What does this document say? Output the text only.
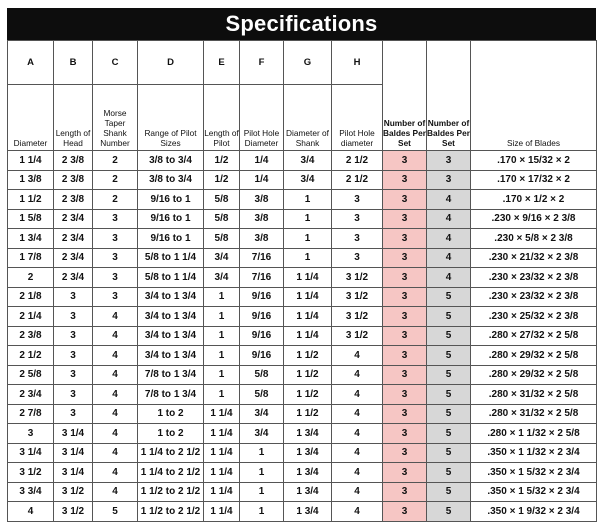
Specifications
A	B	C	D	E	F	G	H	Number of Baldes Per Set	Number of Baldes Per Set	Size of Blades
Diameter	Length of Head	Morse Taper Shank Number	Range of Pilot Sizes	Length of Pilot	Pilot Hole Diameter	Diameter of Shank	Pilot Hole diameter			
1 1/4	2 3/8	2	3/8 to 3/4	1/2	1/4	3/4	2 1/2	3	3	.170 × 15/32 × 2
1 3/8	2 3/8	2	3/8 to 3/4	1/2	1/4	3/4	2 1/2	3	3	.170 × 17/32 × 2
1 1/2	2 3/8	2	9/16 to 1	5/8	3/8	1	3	3	4	.170 × 1/2 × 2
1 5/8	2 3/4	3	9/16 to 1	5/8	3/8	1	3	3	4	.230 × 9/16 × 2 3/8
1 3/4	2 3/4	3	9/16 to 1	5/8	3/8	1	3	3	4	.230 × 5/8 × 2 3/8
1 7/8	2 3/4	3	5/8 to 1 1/4	3/4	7/16	1	3	3	4	.230 × 21/32 × 2 3/8
2	2 3/4	3	5/8 to 1 1/4	3/4	7/16	1 1/4	3 1/2	3	4	.230 × 23/32 × 2 3/8
2 1/8	3	3	3/4 to 1 3/4	1	9/16	1 1/4	3 1/2	3	5	.230 × 23/32 × 2 3/8
2 1/4	3	4	3/4 to 1 3/4	1	9/16	1 1/4	3 1/2	3	5	.230 × 25/32 × 2 3/8
2 3/8	3	4	3/4 to 1 3/4	1	9/16	1 1/4	3 1/2	3	5	.280 × 27/32 × 2 5/8
2 1/2	3	4	3/4 to 1 3/4	1	9/16	1 1/2	4	3	5	.280 × 29/32 × 2 5/8
2 5/8	3	4	7/8 to 1 3/4	1	5/8	1 1/2	4	3	5	.280 × 29/32 × 2 5/8
2 3/4	3	4	7/8 to 1 3/4	1	5/8	1 1/2	4	3	5	.280 × 31/32 × 2 5/8
2 7/8	3	4	1 to 2	1 1/4	3/4	1 1/2	4	3	5	.280 × 31/32 × 2 5/8
3	3 1/4	4	1 to 2	1 1/4	3/4	1 3/4	4	3	5	.280 × 1 1/32 × 2 5/8
3 1/4	3 1/4	4	1 1/4 to 2 1/2	1 1/4	1	1 3/4	4	3	5	.350 × 1 1/32 × 2 3/4
3 1/2	3 1/4	4	1 1/4 to 2 1/2	1 1/4	1	1 3/4	4	3	5	.350 × 1 5/32 × 2 3/4
3 3/4	3 1/2	4	1 1/2 to 2 1/2	1 1/4	1	1 3/4	4	3	5	.350 × 1 5/32 × 2 3/4
4	3 1/2	5	1 1/2 to 2 1/2	1 1/4	1	1 3/4	4	3	5	.350 × 1 9/32 × 2 3/4
